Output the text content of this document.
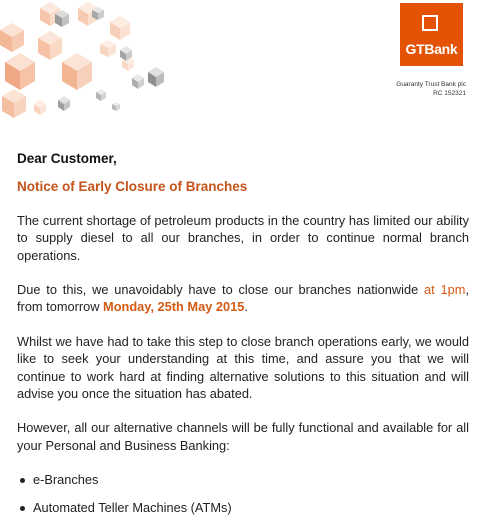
GTBank
Guaranty Trust Bank plc
RC 152321

Dear Customer,

Notice of Early Closure of Branches

The current shortage of petroleum products in the country has limited our ability to supply diesel to all our branches, in order to continue normal branch operations.

Due to this, we unavoidably have to close our branches nationwide at 1pm, from tomorrow Monday, 25th May 2015.

Whilst we have had to take this step to close branch operations early, we would like to seek your understanding at this time, and assure you that we will continue to work hard at finding alternative solutions to this situation and will advise you once the situation has abated.

However, all our alternative channels will be fully functional and available for all your Personal and Business Banking:

e-Branches
Automated Teller Machines (ATMs)
